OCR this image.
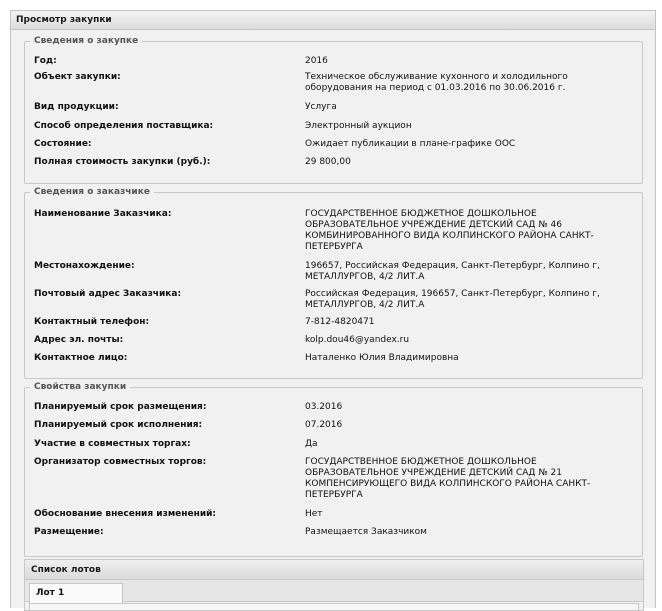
Просмотр закупки
Сведения о закупке
Год:	2016
Объект закупки:	Техническое обслуживание кухонного и холодильного оборудования на период с 01.03.2016 по 30.06.2016 г.
Вид продукции:	Услуга
Способ определения поставщика:	Электронный аукцион
Состояние:	Ожидает публикации в плане-графике ООС
Полная стоимость закупки (руб.):	29 800,00
Сведения о заказчике
Наименование Заказчика:	ГОСУДАРСТВЕННОЕ БЮДЖЕТНОЕ ДОШКОЛЬНОЕ ОБРАЗОВАТЕЛЬНОЕ УЧРЕЖДЕНИЕ ДЕТСКИЙ САД № 46 КОМБИНИРОВАННОГО ВИДА КОЛПИНСКОГО РАЙОНА САНКТ-ПЕТЕРБУРГА
Местонахождение:	196657, Российская Федерация, Санкт-Петербург, Колпино г, МЕТАЛЛУРГОВ, 4/2 ЛИТ.А
Почтовый адрес Заказчика:	Российская Федерация, 196657, Санкт-Петербург, Колпино г, МЕТАЛЛУРГОВ, 4/2 ЛИТ.А
Контактный телефон:	7-812-4820471
Адрес эл. почты:	kolp.dou46@yandex.ru
Контактное лицо:	Наталенко Юлия Владимировна
Свойства закупки
Планируемый срок размещения:	03.2016
Планируемый срок исполнения:	07.2016
Участие в совместных торгах:	Да
Организатор совместных торгов:	ГОСУДАРСТВЕННОЕ БЮДЖЕТНОЕ ДОШКОЛЬНОЕ ОБРАЗОВАТЕЛЬНОЕ УЧРЕЖДЕНИЕ ДЕТСКИЙ САД № 21 КОМПЕНСИРУЮЩЕГО ВИДА КОЛПИНСКОГО РАЙОНА САНКТ-ПЕТЕРБУРГА
Обоснование внесения изменений:	Нет
Размещение:	Размещается Заказчиком
Список лотов
Лот 1
